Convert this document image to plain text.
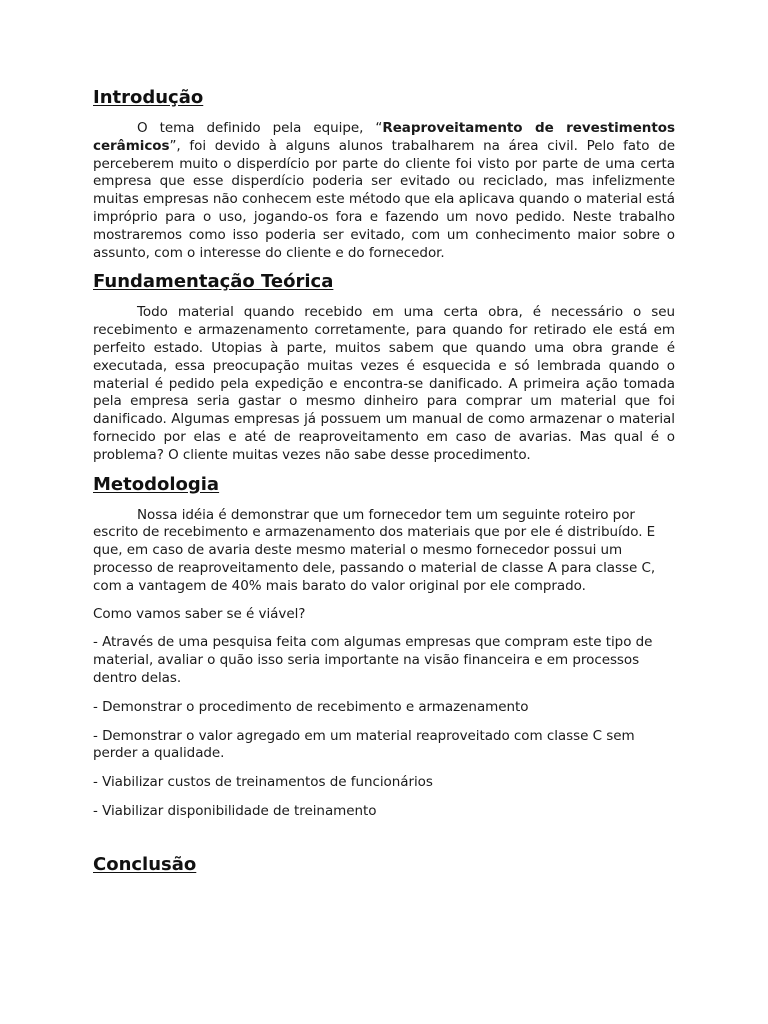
Introdução

O tema definido pela equipe, “Reaproveitamento de revestimentos cerâmicos”, foi devido à alguns alunos trabalharem na área civil. Pelo fato de perceberem muito o disperdício por parte do cliente foi visto por parte de uma certa empresa que esse disperdício poderia ser evitado ou reciclado, mas infelizmente muitas empresas não conhecem este método que ela aplicava quando o material está impróprio para o uso, jogando-os fora e fazendo um novo pedido. Neste trabalho mostraremos como isso poderia ser evitado, com um conhecimento maior sobre o assunto, com o interesse do cliente e do fornecedor.

Fundamentação Teórica

Todo material quando recebido em uma certa obra, é necessário o seu recebimento e armazenamento corretamente, para quando for retirado ele está em perfeito estado. Utopias à parte, muitos sabem que quando uma obra grande é executada, essa preocupação muitas vezes é esquecida e só lembrada quando o material é pedido pela expedição e encontra-se danificado. A primeira ação tomada pela empresa seria gastar o mesmo dinheiro para comprar um material que foi danificado. Algumas empresas já possuem um manual de como armazenar o material fornecido por elas e até de reaproveitamento em caso de avarias. Mas qual é o problema? O cliente muitas vezes não sabe desse procedimento.

Metodologia

Nossa idéia é demonstrar que um fornecedor tem um seguinte roteiro por escrito de recebimento e armazenamento dos materiais que por ele é distribuído. E que, em caso de avaria deste mesmo material o mesmo fornecedor possui um processo de reaproveitamento dele, passando o material de classe A para classe C, com a vantagem de 40% mais barato do valor original por ele comprado.

Como vamos saber se é viável?

- Através de uma pesquisa feita com algumas empresas que compram este tipo de material, avaliar o quão isso seria importante na visão financeira e em processos dentro delas.

- Demonstrar o procedimento de recebimento e armazenamento

- Demonstrar o valor agregado em um material reaproveitado com classe C sem perder a qualidade.

- Viabilizar custos de treinamentos de funcionários

- Viabilizar disponibilidade de treinamento

Conclusão
